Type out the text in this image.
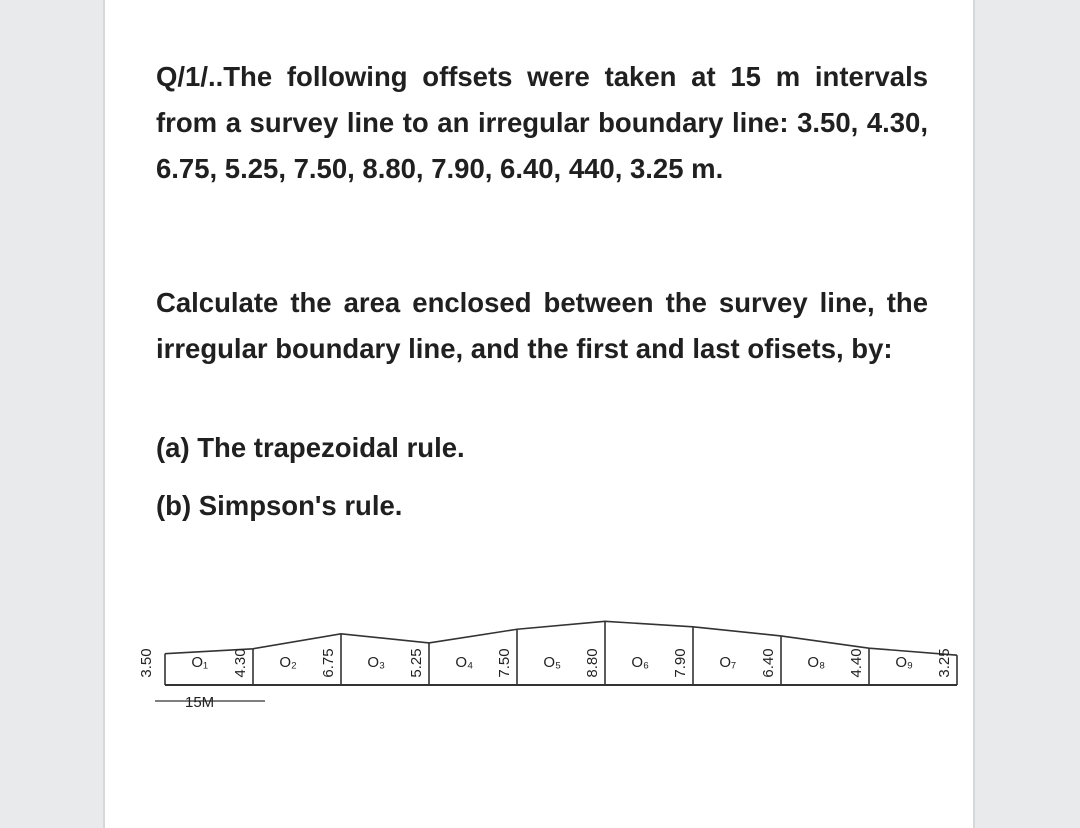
Q/1/..The following offsets were taken at 15 m intervals from a survey line to an irregular boundary line: 3.50, 4.30, 6.75, 5.25, 7.50, 8.80, 7.90, 6.40, 440, 3.25 m.
Calculate the area enclosed between the survey line, the irregular boundary line, and the first and last ofisets, by:
(a) The trapezoidal rule.
(b) Simpson's rule.
3.50	4.30	6.75	5.25	7.50	8.80	7.90	6.40	4.40	3.25
O₁	O₂	O₃	O₄	O₅	O₆	O₇	O₈	O₉
15M
